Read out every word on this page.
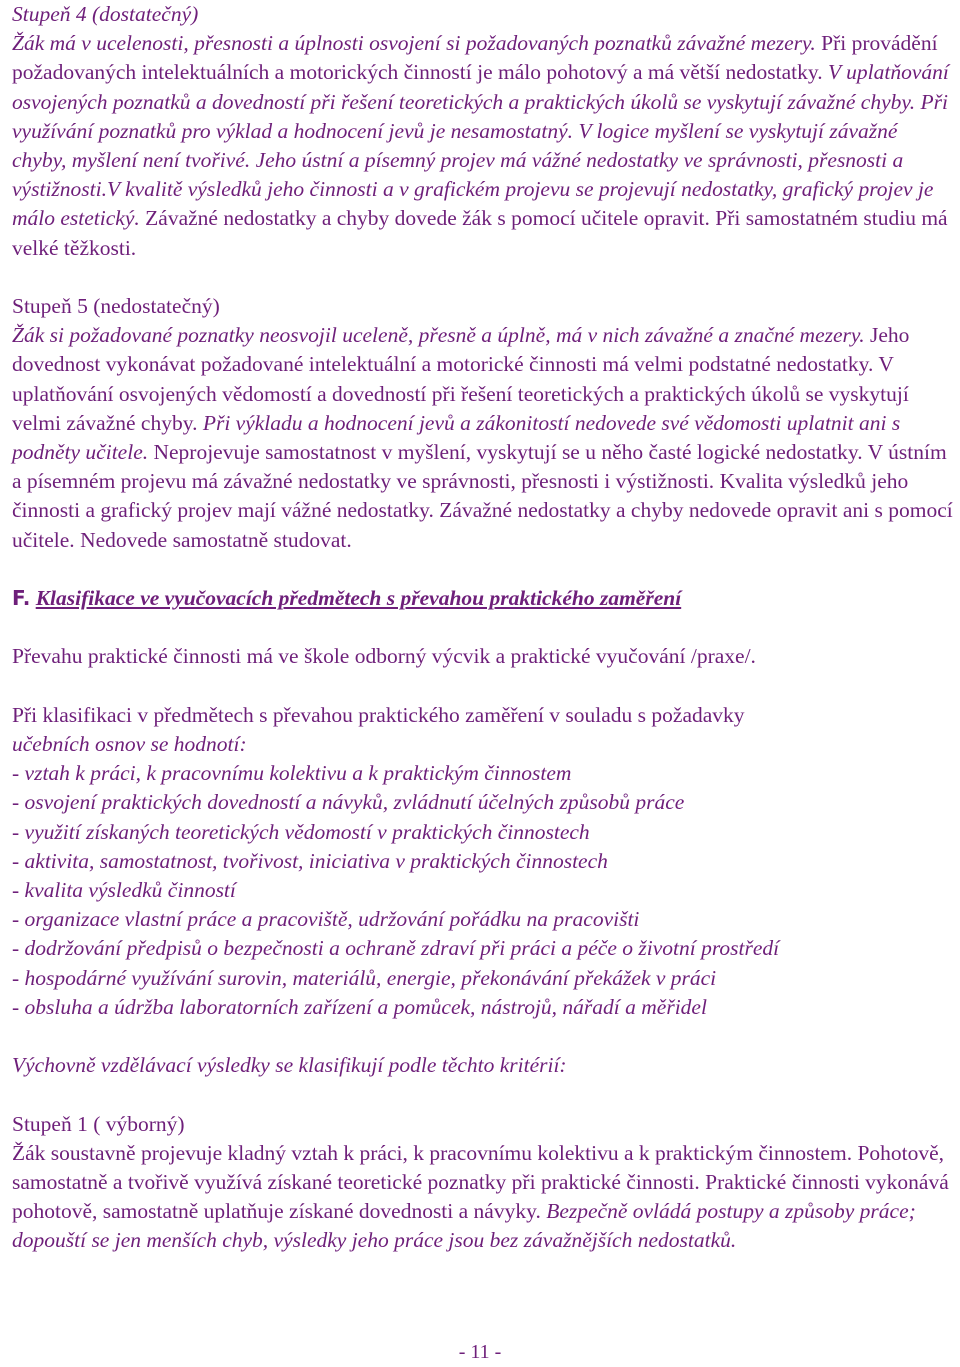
Stupeň 4 (dostatečný)
Žák má v ucelenosti, přesnosti a úplnosti osvojení si požadovaných poznatků závažné mezery. Při provádění požadovaných intelektuálních a motorických činností je málo pohotový a má větší nedostatky. V uplatňování osvojených poznatků a dovedností při řešení teoretických a praktických úkolů se vyskytují závažné chyby. Při využívání poznatků pro výklad a hodnocení jevů je nesamostatný. V logice myšlení se vyskytují závažné chyby, myšlení není tvořivé. Jeho ústní a písemný projev má vážné nedostatky ve správnosti, přesnosti a výstižnosti.V kvalitě výsledků jeho činnosti a v grafickém projevu se projevují nedostatky, grafický projev je málo estetický. Závažné nedostatky a chyby dovede žák s pomocí učitele opravit. Při samostatném studiu má velké těžkosti.
Stupeň 5 (nedostatečný)
Žák si požadované poznatky neosvojil uceleně, přesně a úplně, má v nich závažné a značné mezery. Jeho dovednost vykonávat požadované intelektuální a motorické činnosti má velmi podstatné nedostatky. V uplatňování osvojených vědomostí a dovedností při řešení teoretických a praktických úkolů se vyskytují velmi závažné chyby. Při výkladu a hodnocení jevů a zákonitostí nedovede své vědomosti uplatnit ani s podněty učitele. Neprojevuje samostatnost v myšlení, vyskytují se u něho časté logické nedostatky. V ústním a písemném projevu má závažné nedostatky ve správnosti, přesnosti i výstižnosti. Kvalita výsledků jeho činnosti a grafický projev mají vážné nedostatky. Závažné nedostatky a chyby nedovede opravit ani s pomocí učitele. Nedovede samostatně studovat.
F. Klasifikace ve vyučovacích předmětech s převahou praktického zaměření
Převahu praktické činnosti má ve škole odborný výcvik a praktické vyučování /praxe/.
Při klasifikaci v předmětech s převahou praktického zaměření v souladu s požadavky
učebních osnov se hodnotí:
- vztah k práci, k pracovnímu kolektivu a k praktickým činnostem
- osvojení praktických dovedností a návyků, zvládnutí účelných způsobů práce
- využití získaných teoretických vědomostí v praktických činnostech
- aktivita, samostatnost, tvořivost, iniciativa v praktických činnostech
- kvalita výsledků činností
- organizace vlastní práce a pracoviště, udržování pořádku na pracovišti
- dodržování předpisů o bezpečnosti a ochraně zdraví při práci a péče o životní prostředí
- hospodárné využívání surovin, materiálů, energie, překonávání překážek v práci
- obsluha a údržba laboratorních zařízení a pomůcek, nástrojů, nářadí a měřidel
Výchovně vzdělávací výsledky se klasifikují podle těchto kritérií:
Stupeň 1 ( výborný)
Žák soustavně projevuje kladný vztah k práci, k pracovnímu kolektivu a k praktickým činnostem. Pohotově, samostatně a tvořivě využívá získané teoretické poznatky při praktické činnosti. Praktické činnosti vykonává pohotově, samostatně uplatňuje získané dovednosti a návyky. Bezpečně ovládá postupy a způsoby práce; dopouští se jen menších chyb, výsledky jeho práce jsou bez závažnějších nedostatků.
- 11 -
